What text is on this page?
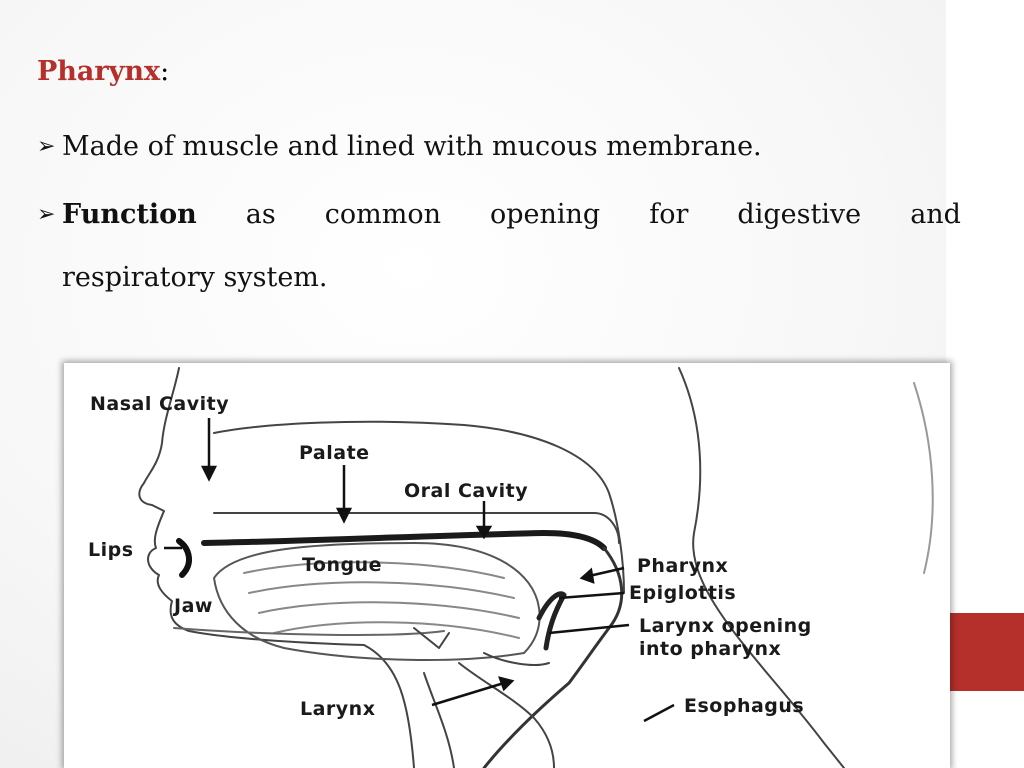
Pharynx:
➢ Made of muscle and lined with mucous membrane.
➢ Function as common opening for digestive and
respiratory system.
Nasal Cavity
Palate
Oral Cavity
Lips
Tongue
Jaw
Pharynx
Epiglottis
Larynx opening
into pharynx
Larynx	Esophagus
